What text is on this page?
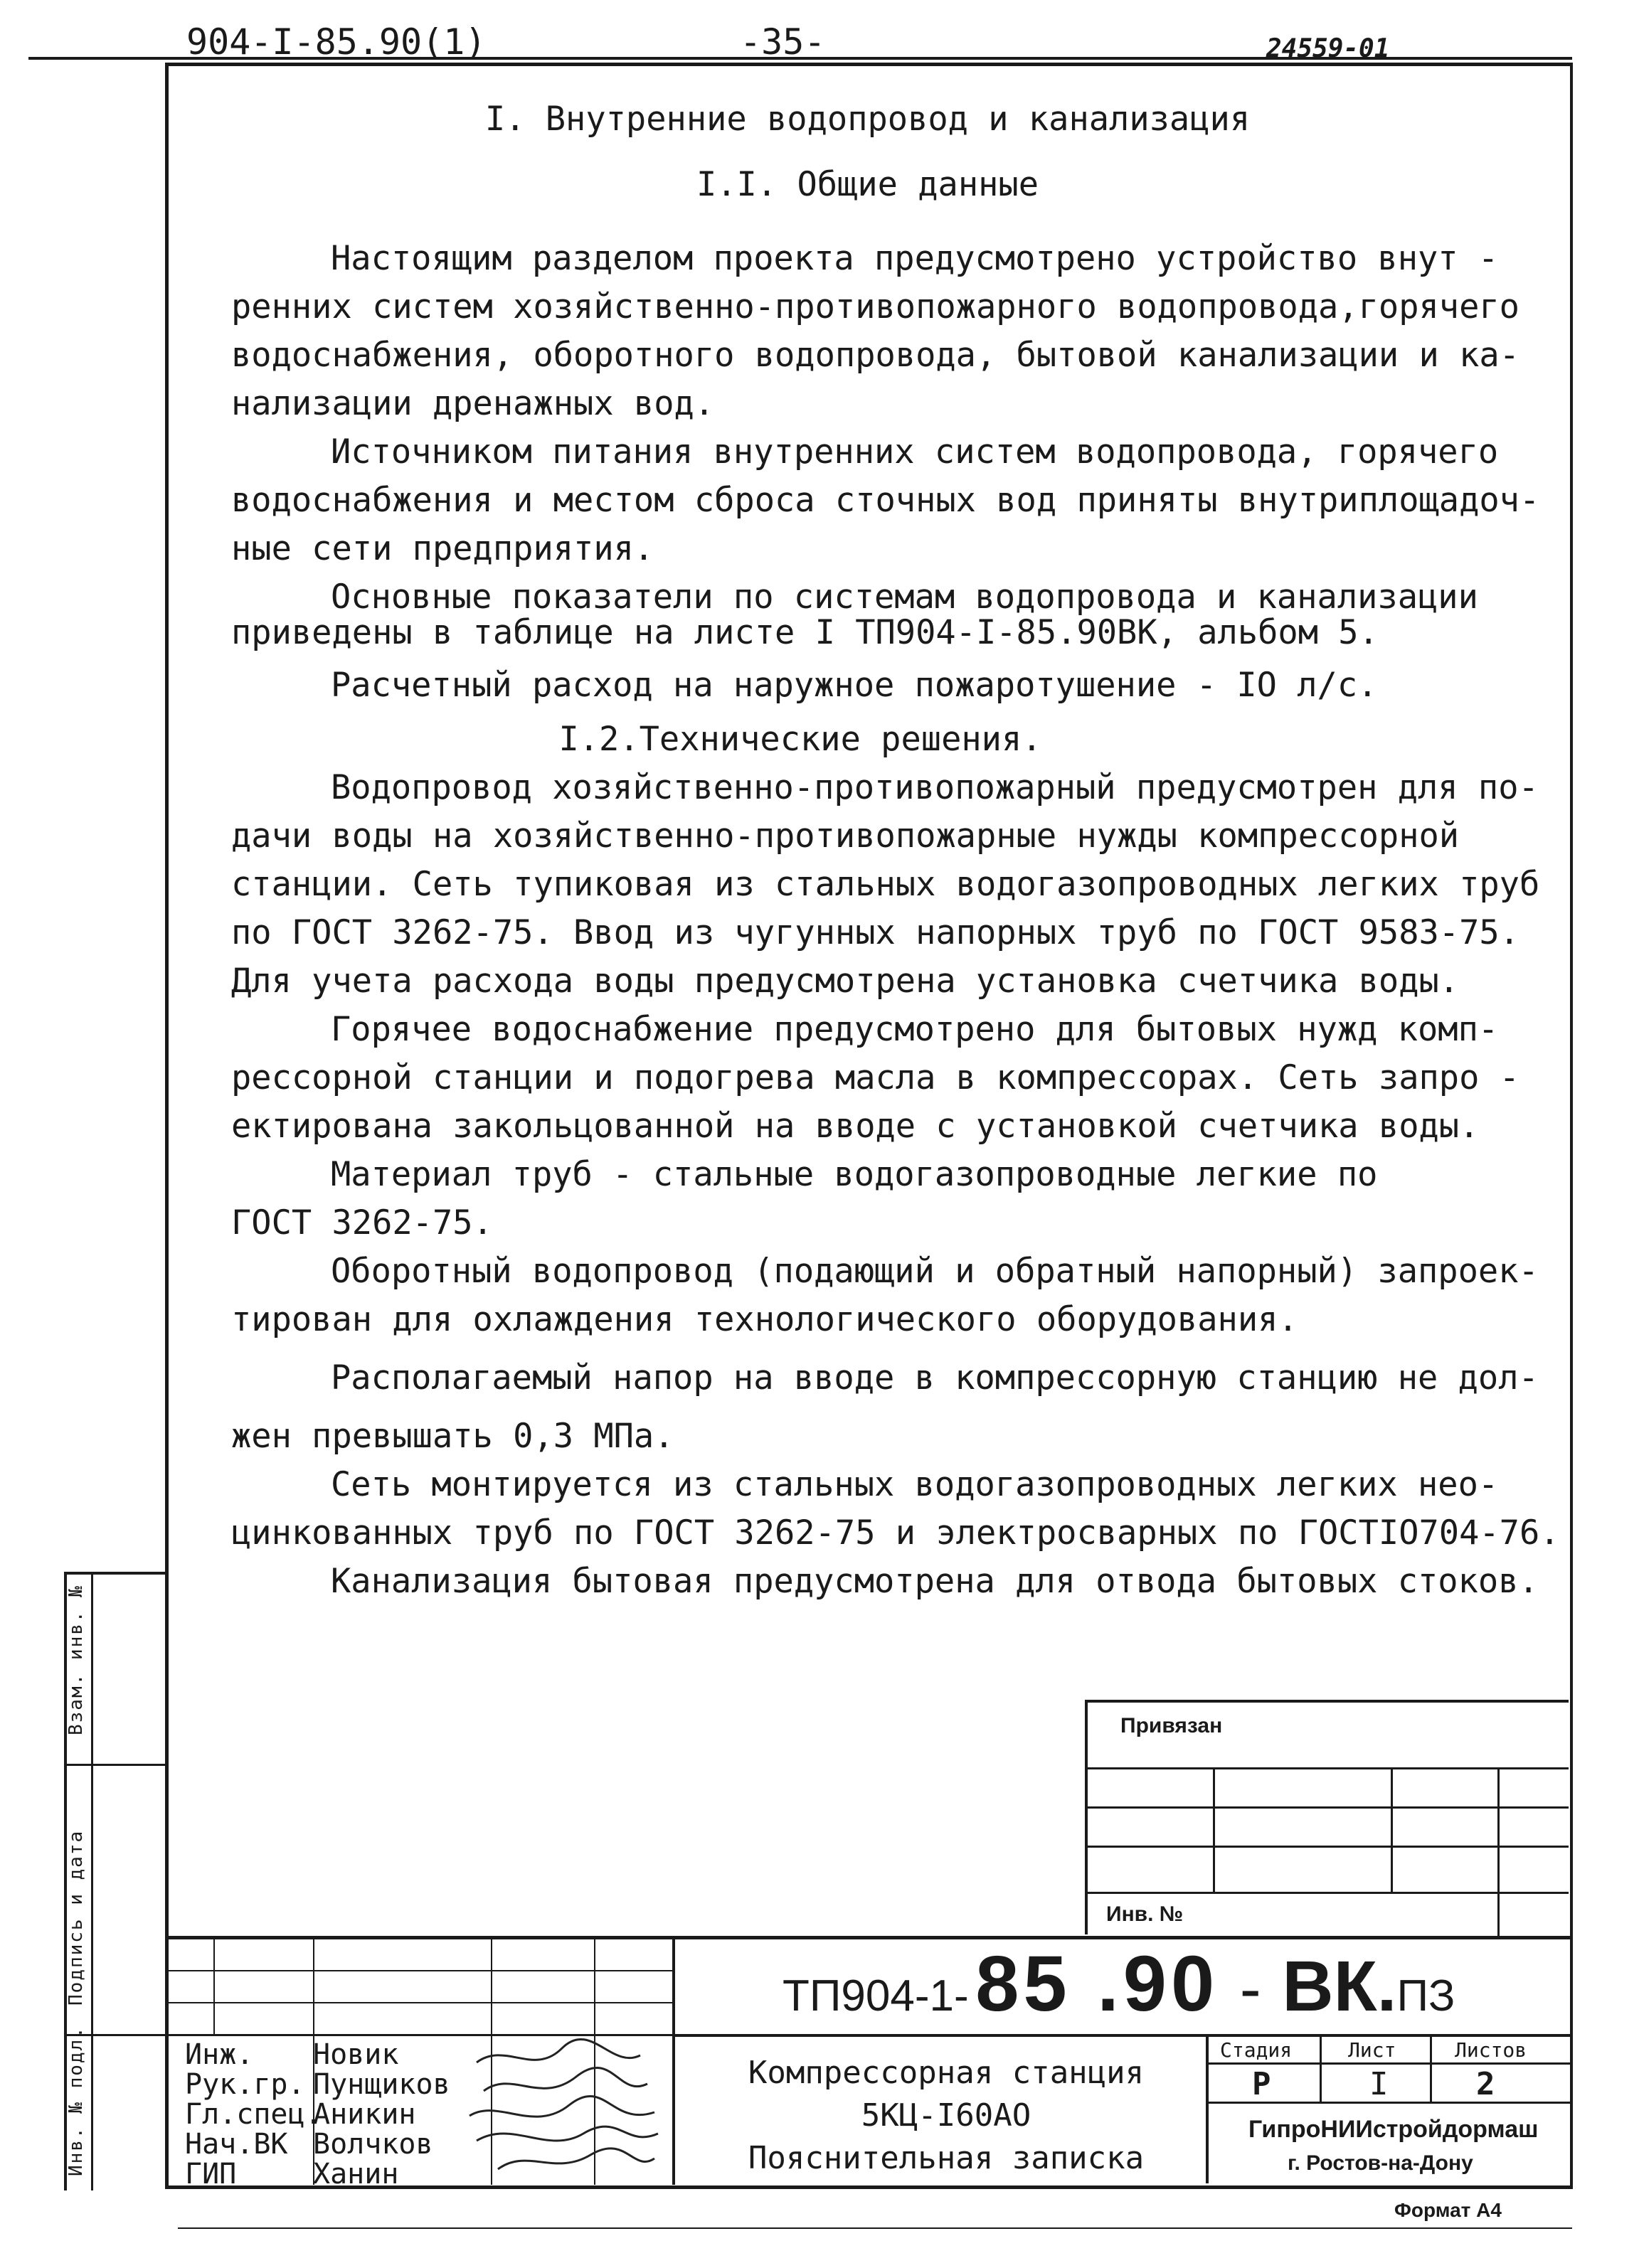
904-I-85.90(1)	-35-	24559-01
I. Внутренние водопровод и канализация
I.I. Общие данные
Настоящим разделом проекта предусмотрено устройство внут -
ренних систем хозяйственно-противопожарного водопровода,горячего
водоснабжения, оборотного водопровода, бытовой канализации и ка-
нализации дренажных вод.
Источником питания внутренних систем водопровода, горячего
водоснабжения и местом сброса сточных вод приняты внутриплощадоч-
ные сети предприятия.
Основные показатели по системам водопровода и канализации
приведены в таблице на листе I ТП904-I-85.90ВК, альбом 5.
Расчетный расход на наружное пожаротушение - IO л/с.
I.2.Технические решения.
Водопровод хозяйственно-противопожарный предусмотрен для по-
дачи воды на хозяйственно-противопожарные нужды компрессорной
станции. Сеть тупиковая из стальных водогазопроводных легких труб
по ГОСТ 3262-75. Ввод из чугунных напорных труб по ГОСТ 9583-75.
Для учета расхода воды предусмотрена установка счетчика воды.
Горячее водоснабжение предусмотрено для бытовых нужд комп-
рессорной станции и подогрева масла в компрессорах. Сеть запро -
ектирована закольцованной на вводе с установкой счетчика воды.
Материал труб - стальные водогазопроводные легкие по
ГОСТ 3262-75.
Оборотный водопровод (подающий и обратный напорный) запроек-
тирован для охлаждения технологического оборудования.
Располагаемый напор на вводе в компрессорную станцию не дол-
жен превышать 0,3 МПа.
Сеть монтируется из стальных водогазопроводных легких нео-
цинкованных труб по ГОСТ 3262-75 и электросварных по ГОСТIO704-76.
Канализация бытовая предусмотрена для отвода бытовых стоков.
Взам. инв. №
Подпись и дата
Инв. № подл.
Привязан
Инв. №
Инж. Новик
Рук.гр. Пунщиков
Гл.спец.Аникин
Нач.ВК Волчков
ГИП	Ханин
ТП904-1- 85 .90 - ВК.ПЗ
Компрессорная станция
5КЦ-I60АО
Пояснительная записка
Стадия	Лист	Листов
Р	I	2
ГипроНИИстройдормаш
г. Ростов-на-Дону
Формат А4
